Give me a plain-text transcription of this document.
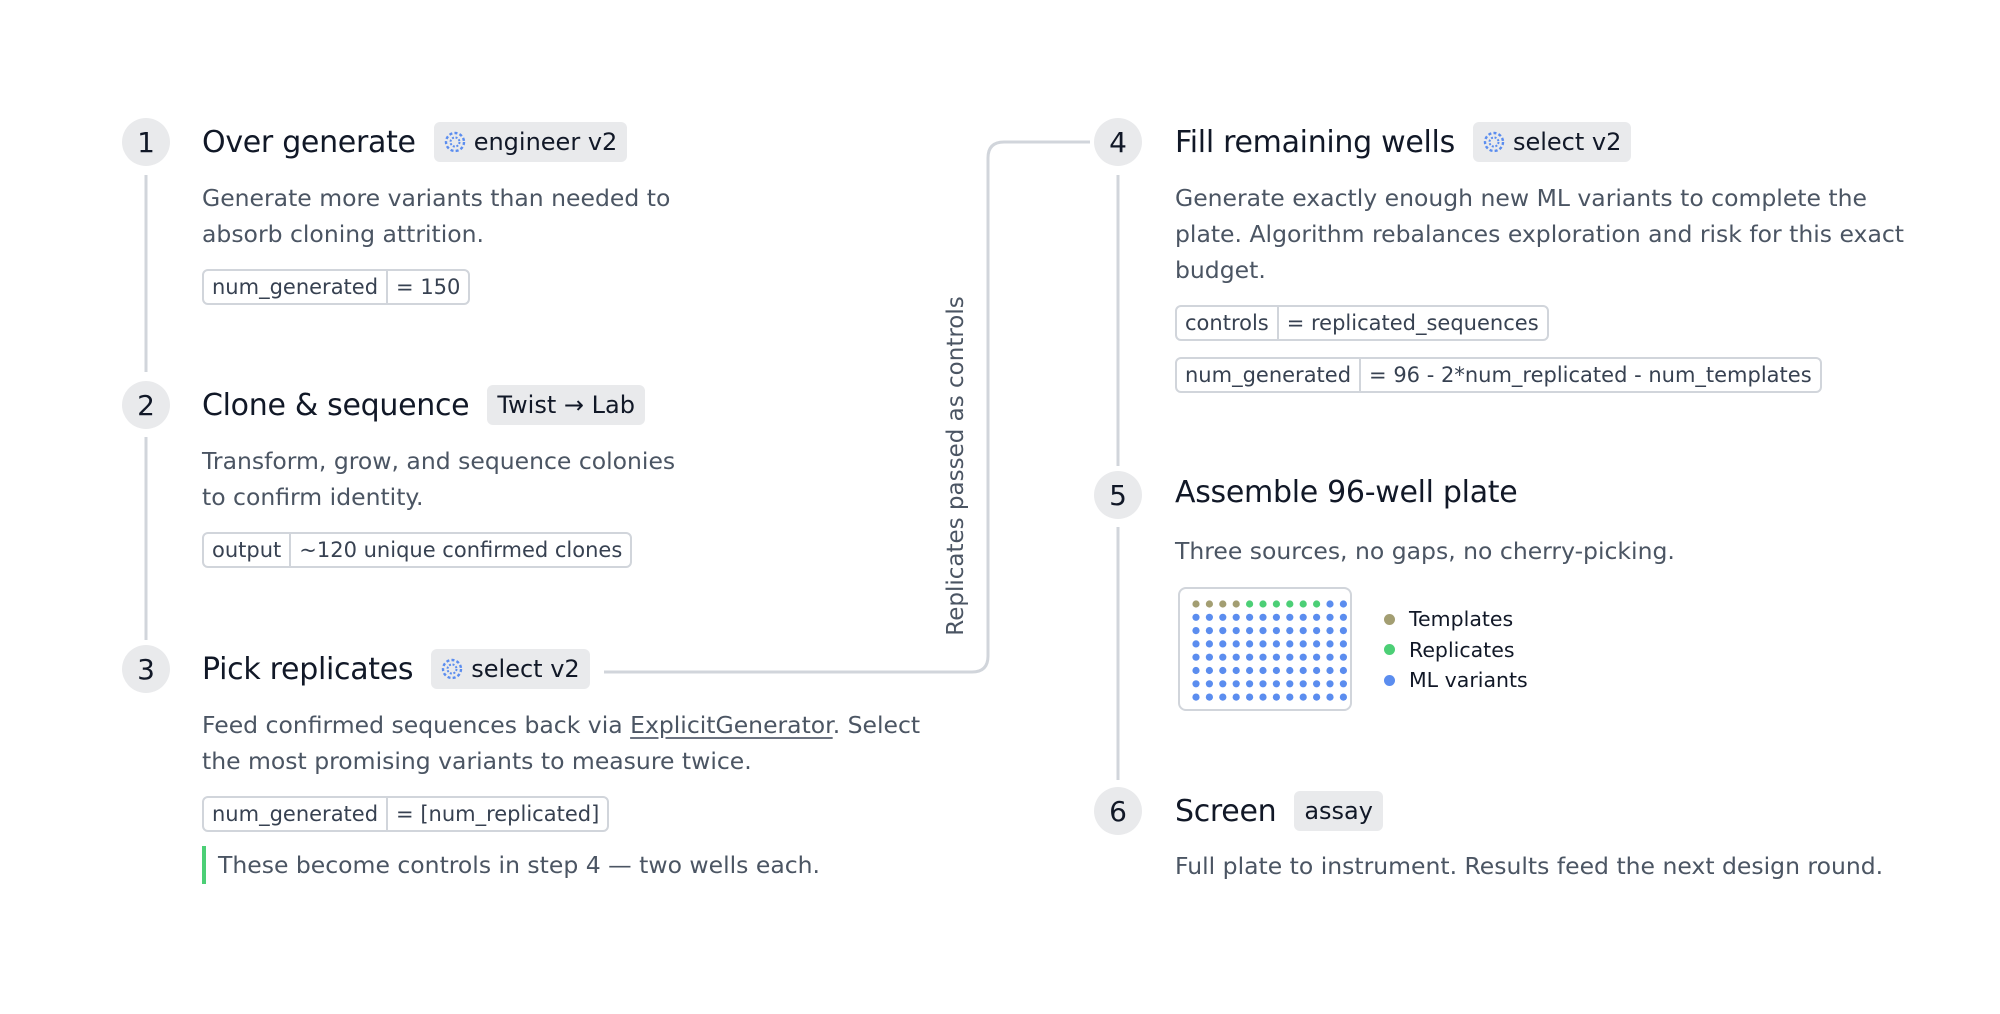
Replicates passed as controls
1	Over generate engineer v2
Generate more variants than needed to
absorb cloning attrition.
num_generated = 150
2	Clone & sequence Twist → Lab
Transform, grow, and sequence colonies
to confirm identity.
output ~120 unique confirmed clones
3	Pick replicates select v2
Feed confirmed sequences back via ExplicitGenerator. Select
the most promising variants to measure twice.
num_generated = [num_replicated]
These become controls in step 4 — two wells each.
4	Fill remaining wells select v2
Generate exactly enough new ML variants to complete the
plate. Algorithm rebalances exploration and risk for this exact
budget.
controls = replicated_sequences
num_generated = 96 - 2*num_replicated - num_templates
5	Assemble 96-well plate
Three sources, no gaps, no cherry-picking.
Templates
Replicates
ML variants
6	Screen assay
Full plate to instrument. Results feed the next design round.
